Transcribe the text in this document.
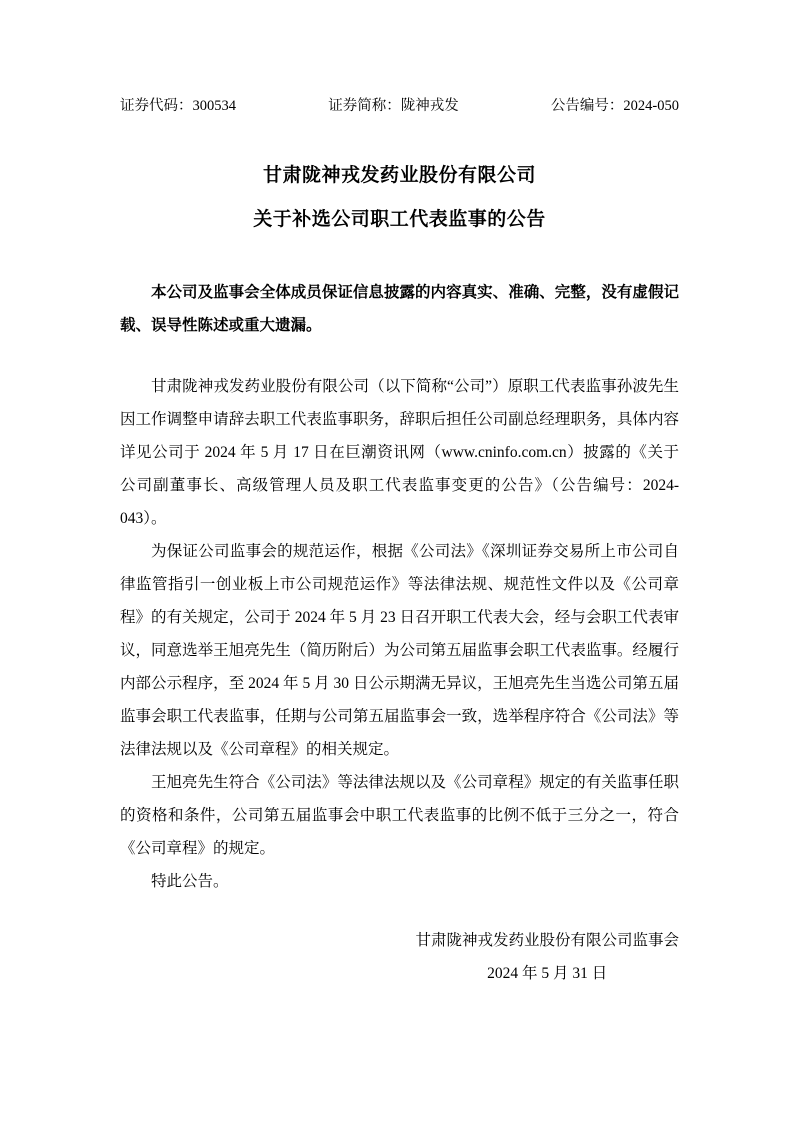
证券代码：300534	证券简称：陇神戎发	公告编号：2024-050
甘肃陇神戎发药业股份有限公司
关于补选公司职工代表监事的公告

本公司及监事会全体成员保证信息披露的内容真实、准确、完整，没有虚假记载、误导性陈述或重大遗漏。

甘肃陇神戎发药业股份有限公司（以下简称“公司”）原职工代表监事孙波先生因工作调整申请辞去职工代表监事职务，辞职后担任公司副总经理职务，具体内容详见公司于 2024 年 5 月 17 日在巨潮资讯网（www.cninfo.com.cn）披露的《关于公司副董事长、高级管理人员及职工代表监事变更的公告》（公告编号：2024-043）。

为保证公司监事会的规范运作，根据《公司法》《深圳证券交易所上市公司自律监管指引一创业板上市公司规范运作》等法律法规、规范性文件以及《公司章程》的有关规定，公司于 2024 年 5 月 23 日召开职工代表大会，经与会职工代表审议，同意选举王旭亮先生（简历附后）为公司第五届监事会职工代表监事。经履行内部公示程序，至 2024 年 5 月 30 日公示期满无异议，王旭亮先生当选公司第五届监事会职工代表监事，任期与公司第五届监事会一致，选举程序符合《公司法》等法律法规以及《公司章程》的相关规定。

王旭亮先生符合《公司法》等法律法规以及《公司章程》规定的有关监事任职的资格和条件，公司第五届监事会中职工代表监事的比例不低于三分之一，符合《公司章程》的规定。

特此公告。

甘肃陇神戎发药业股份有限公司监事会
2024 年 5 月 31 日
